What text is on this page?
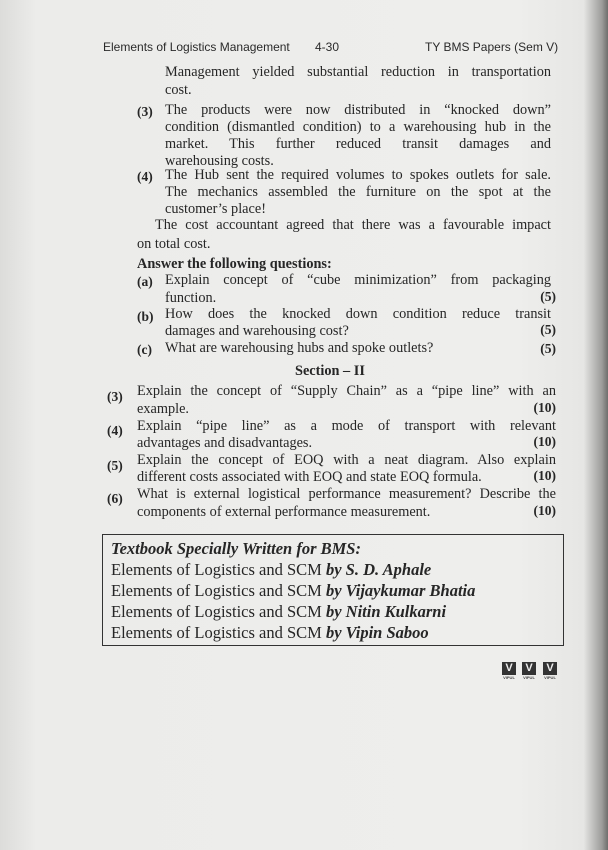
Elements of Logistics Management 4-30	TY BMS Papers (Sem V)
Management yielded substantial reduction in transportation
cost.
(3) The products were now distributed in “knocked down”
condition (dismantled condition) to a warehousing hub in the
market. This further reduced transit damages and
warehousing costs.
(4) The Hub sent the required volumes to spokes outlets for sale.
The mechanics assembled the furniture on the spot at the
customer’s place!
The cost accountant agreed that there was a favourable impact
on total cost.
Answer the following questions:
(a) Explain concept of “cube minimization” from packaging
function.	(5)
(b) How does the knocked down condition reduce transit
damages and warehousing cost?	(5)
(c) What are warehousing hubs and spoke outlets?	(5)
Section – II
(3) Explain the concept of “Supply Chain” as a “pipe line” with an
example.	(10)
(4) Explain “pipe line” as a mode of transport with relevant
advantages and disadvantages.	(10)
(5) Explain the concept of EOQ with a neat diagram. Also explain
different costs associated with EOQ and state EOQ formula.	(10)
(6) What is external logistical performance measurement? Describe the
components of external performance measurement.	(10)
Textbook Specially Written for BMS:
Elements of Logistics and SCM by S. D. Aphale
Elements of Logistics and SCM by Vijaykumar Bhatia
Elements of Logistics and SCM by Nitin Kulkarni
Elements of Logistics and SCM by Vipin Saboo
V
VIPUL
V
VIPUL
V
VIPUL
